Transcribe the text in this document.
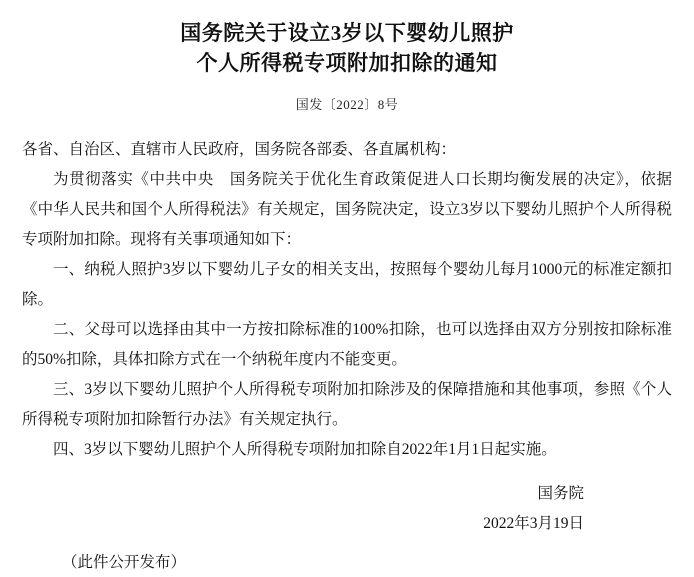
国务院关于设立3岁以下婴幼儿照护
个人所得税专项附加扣除的通知
国发〔2022〕8号

各省、自治区、直辖市人民政府，国务院各部委、各直属机构：

为贯彻落实《中共中央　国务院关于优化生育政策促进人口长期均衡发展的决定》，依据《中华人民共和国个人所得税法》有关规定，国务院决定，设立3岁以下婴幼儿照护个人所得税专项附加扣除。现将有关事项通知如下：

一、纳税人照护3岁以下婴幼儿子女的相关支出，按照每个婴幼儿每月1000元的标准定额扣除。

二、父母可以选择由其中一方按扣除标准的100%扣除，也可以选择由双方分别按扣除标准的50%扣除，具体扣除方式在一个纳税年度内不能变更。

三、3岁以下婴幼儿照护个人所得税专项附加扣除涉及的保障措施和其他事项，参照《个人所得税专项附加扣除暂行办法》有关规定执行。

四、3岁以下婴幼儿照护个人所得税专项附加扣除自2022年1月1日起实施。

国务院
2022年3月19日
（此件公开发布）
